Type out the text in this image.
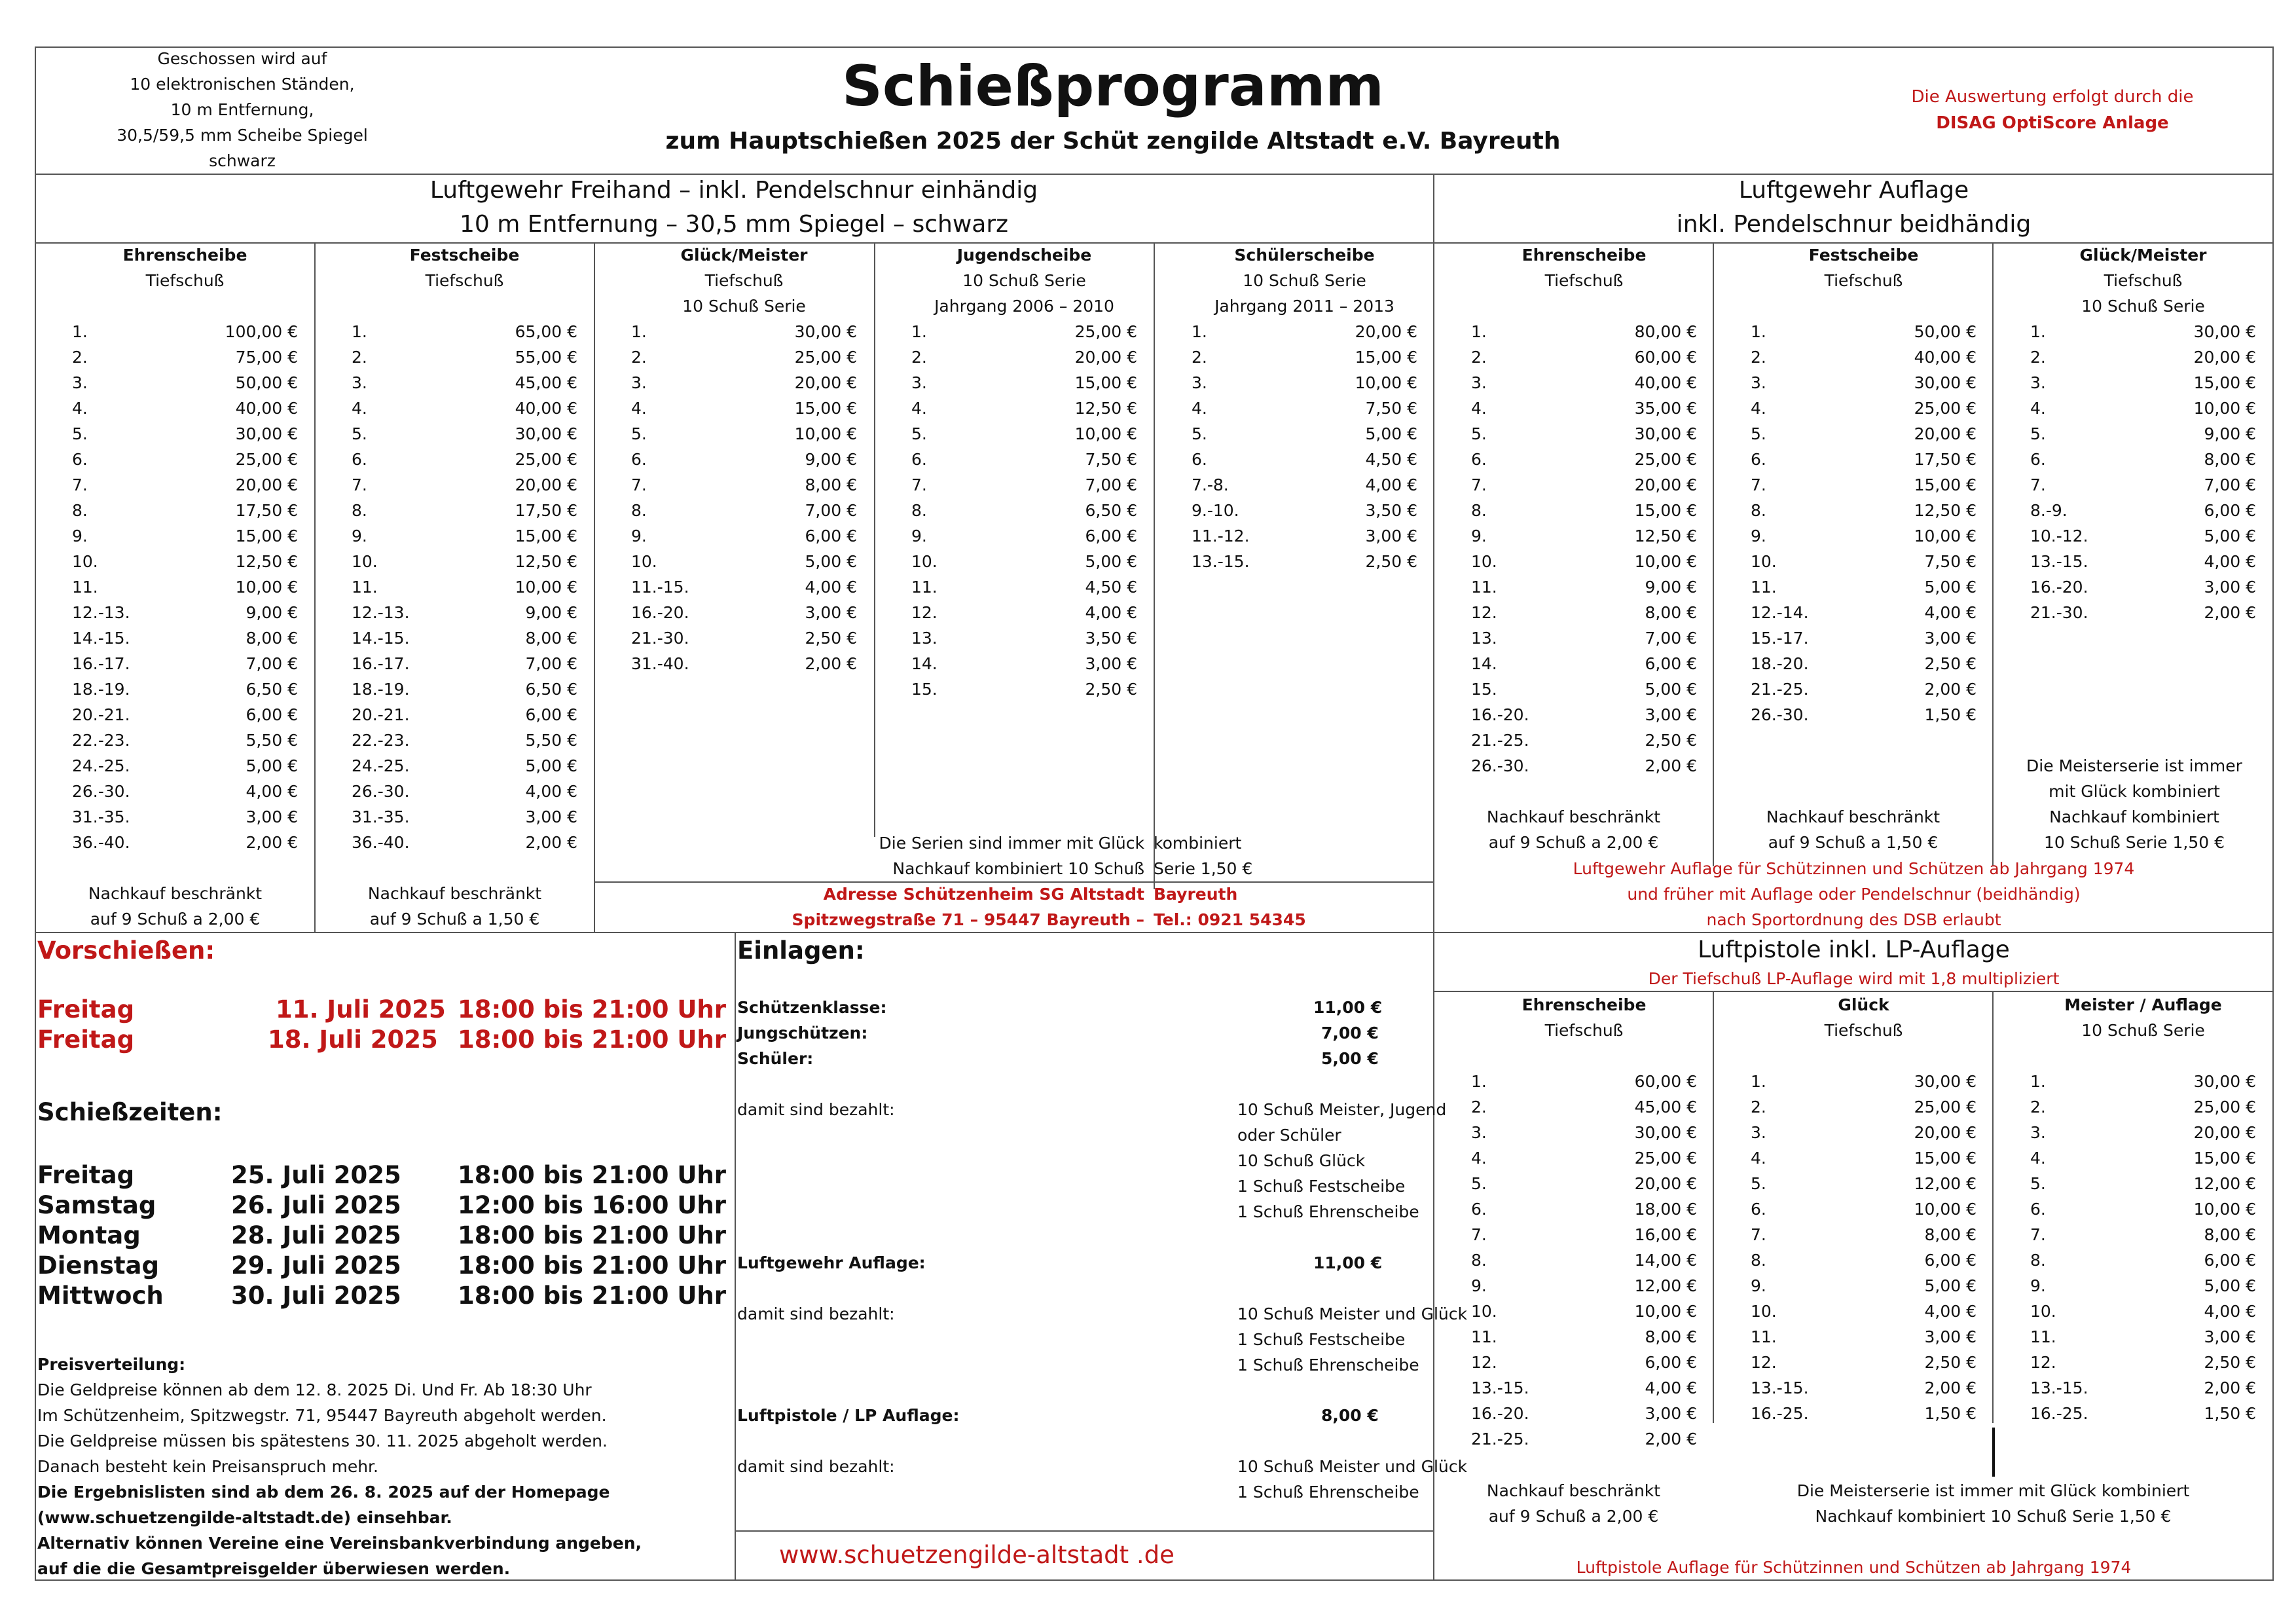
Geschossen wird auf
10 elektronischen Ständen,
10 m Entfernung,
30,5/59,5 mm Scheibe Spiegel
schwarz
Schießprogramm
zum Hauptschießen 2025 der Schüt zengilde Altstadt e.V. Bayreuth
Die Auswertung erfolgt durch die
DISAG OptiScore Anlage
Luftgewehr Freihand – inkl. Pendelschnur einhändig
10 m Entfernung – 30,5 mm Spiegel – schwarz
Luftgewehr Auflage
inkl. Pendelschnur beidhändig
Ehrenscheibe
Tiefschuß
1.	100,00 €
2.	75,00 €
3.	50,00 €
4.	40,00 €
5.	30,00 €
6.	25,00 €
7.	20,00 €
8.	17,50 €
9.	15,00 €
10.	12,50 €
11.	10,00 €
12.-13.	9,00 €
14.-15.	8,00 €
16.-17.	7,00 €
18.-19.	6,50 €
20.-21.	6,00 €
22.-23.	5,50 €
24.-25.	5,00 €
26.-30.	4,00 €
31.-35.	3,00 €
36.-40.	2,00 €
Nachkauf beschränkt
auf 9 Schuß a 2,00 €
Festscheibe
Tiefschuß
1.	65,00 €
2.	55,00 €
3.	45,00 €
4.	40,00 €
5.	30,00 €
6.	25,00 €
7.	20,00 €
8.	17,50 €
9.	15,00 €
10.	12,50 €
11.	10,00 €
12.-13.	9,00 €
14.-15.	8,00 €
16.-17.	7,00 €
18.-19.	6,50 €
20.-21.	6,00 €
22.-23.	5,50 €
24.-25.	5,00 €
26.-30.	4,00 €
31.-35.	3,00 €
36.-40.	2,00 €
Nachkauf beschränkt
auf 9 Schuß a 1,50 €
Glück/Meister
Tiefschuß
10 Schuß Serie
1.	30,00 €
2.	25,00 €
3.	20,00 €
4.	15,00 €
5.	10,00 €
6.	9,00 €
7.	8,00 €
8.	7,00 €
9.	6,00 €
10.	5,00 €
11.-15.	4,00 €
16.-20.	3,00 €
21.-30.	2,50 €
31.-40.	2,00 €
Jugendscheibe
10 Schuß Serie
Jahrgang 2006 – 2010
1.	25,00 €
2.	20,00 €
3.	15,00 €
4.	12,50 €
5.	10,00 €
6.	7,50 €
7.	7,00 €
8.	6,50 €
9.	6,00 €
10.	5,00 €
11.	4,50 €
12.	4,00 €
13.	3,50 €
14.	3,00 €
15.	2,50 €
Schülerscheibe
10 Schuß Serie
Jahrgang 2011 – 2013
1.	20,00 €
2.	15,00 €
3.	10,00 €
4.	7,50 €
5.	5,00 €
6.	4,50 €
7.-8.	4,00 €
9.-10.	3,50 €
11.-12.	3,00 €
13.-15.	2,50 €
Die Serien sind immer mit Glück kombiniert
Nachkauf kombiniert 10 Schuß Serie 1,50 €
Adresse Schützenheim SG Altstadt Bayreuth
Spitzwegstraße 71 – 95447 Bayreuth – Tel.: 0921 54345
Ehrenscheibe
Tiefschuß
1.	80,00 €
2.	60,00 €
3.	40,00 €
4.	35,00 €
5.	30,00 €
6.	25,00 €
7.	20,00 €
8.	15,00 €
9.	12,50 €
10.	10,00 €
11.	9,00 €
12.	8,00 €
13.	7,00 €
14.	6,00 €
15.	5,00 €
16.-20.	3,00 €
21.-25.	2,50 €
26.-30.	2,00 €
Nachkauf beschränkt
auf 9 Schuß a 2,00 €
Festscheibe
Tiefschuß
1.	50,00 €
2.	40,00 €
3.	30,00 €
4.	25,00 €
5.	20,00 €
6.	17,50 €
7.	15,00 €
8.	12,50 €
9.	10,00 €
10.	7,50 €
11.	5,00 €
12.-14.	4,00 €
15.-17.	3,00 €
18.-20.	2,50 €
21.-25.	2,00 €
26.-30.	1,50 €
Nachkauf beschränkt
auf 9 Schuß a 1,50 €
Glück/Meister
Tiefschuß
10 Schuß Serie
1.	30,00 €
2.	20,00 €
3.	15,00 €
4.	10,00 €
5.	9,00 €
6.	8,00 €
7.	7,00 €
8.-9.	6,00 €
10.-12.	5,00 €
13.-15.	4,00 €
16.-20.	3,00 €
21.-30.	2,00 €
Die Meisterserie ist immer
mit Glück kombiniert
Nachkauf kombiniert
10 Schuß Serie 1,50 €
Luftgewehr Auflage für Schützinnen und Schützen ab Jahrgang 1974
und früher mit Auflage oder Pendelschnur (beidhändig)
nach Sportordnung des DSB erlaubt
Vorschießen:
Freitag	11. Juli 2025 18:00 bis 21:00 Uhr
Freitag	18. Juli 2025 18:00 bis 21:00 Uhr
Schießzeiten:
Freitag	25. Juli 2025	18:00 bis 21:00 Uhr
Samstag	26. Juli 2025	12:00 bis 16:00 Uhr
Montag	28. Juli 2025	18:00 bis 21:00 Uhr
Dienstag	29. Juli 2025	18:00 bis 21:00 Uhr
Mittwoch	30. Juli 2025	18:00 bis 21:00 Uhr
Preisverteilung:
Die Geldpreise können ab dem 12. 8. 2025 Di. Und Fr. Ab 18:30 Uhr
Im Schützenheim, Spitzwegstr. 71, 95447 Bayreuth abgeholt werden.
Die Geldpreise müssen bis spätestens 30. 11. 2025 abgeholt werden.
Danach besteht kein Preisanspruch mehr.
Die Ergebnislisten sind ab dem 26. 8. 2025 auf der Homepage
(www.schuetzengilde-altstadt.de) einsehbar.
Alternativ können Vereine eine Vereinsbankverbindung angeben,
auf die die Gesamtpreisgelder überwiesen werden.
Einlagen:
Schützenklasse:	11,00 €
Jungschützen:	7,00 €
Schüler:	5,00 €
damit sind bezahlt:	10 Schuß Meister, Jugend
oder Schüler
10 Schuß Glück
1 Schuß Festscheibe
1 Schuß Ehrenscheibe
Luftgewehr Auflage:	11,00 €
damit sind bezahlt:	10 Schuß Meister und Glück
1 Schuß Festscheibe
1 Schuß Ehrenscheibe
Luftpistole / LP Auflage:	8,00 €
damit sind bezahlt:	10 Schuß Meister und Glück
1 Schuß Ehrenscheibe
www.schuetzengilde-altstadt .de
Luftpistole inkl. LP-Auflage
Der Tiefschuß LP-Auflage wird mit 1,8 multipliziert
Ehrenscheibe
Tiefschuß
1.	60,00 €
2.	45,00 €
3.	30,00 €
4.	25,00 €
5.	20,00 €
6.	18,00 €
7.	16,00 €
8.	14,00 €
9.	12,00 €
10.	10,00 €
11.	8,00 €
12.	6,00 €
13.-15.	4,00 €
16.-20.	3,00 €
21.-25.	2,00 €
Nachkauf beschränkt
auf 9 Schuß a 2,00 €
Glück
Tiefschuß
1.	30,00 €
2.	25,00 €
3.	20,00 €
4.	15,00 €
5.	12,00 €
6.	10,00 €
7.	8,00 €
8.	6,00 €
9.	5,00 €
10.	4,00 €
11.	3,00 €
12.	2,50 €
13.-15.	2,00 €
16.-25.	1,50 €
Meister / Auflage
10 Schuß Serie
1.	30,00 €
2.	25,00 €
3.	20,00 €
4.	15,00 €
5.	12,00 €
6.	10,00 €
7.	8,00 €
8.	6,00 €
9.	5,00 €
10.	4,00 €
11.	3,00 €
12.	2,50 €
13.-15.	2,00 €
16.-25.	1,50 €
Die Meisterserie ist immer mit Glück kombiniert
Nachkauf kombiniert 10 Schuß Serie 1,50 €
Luftpistole Auflage für Schützinnen und Schützen ab Jahrgang 1974
